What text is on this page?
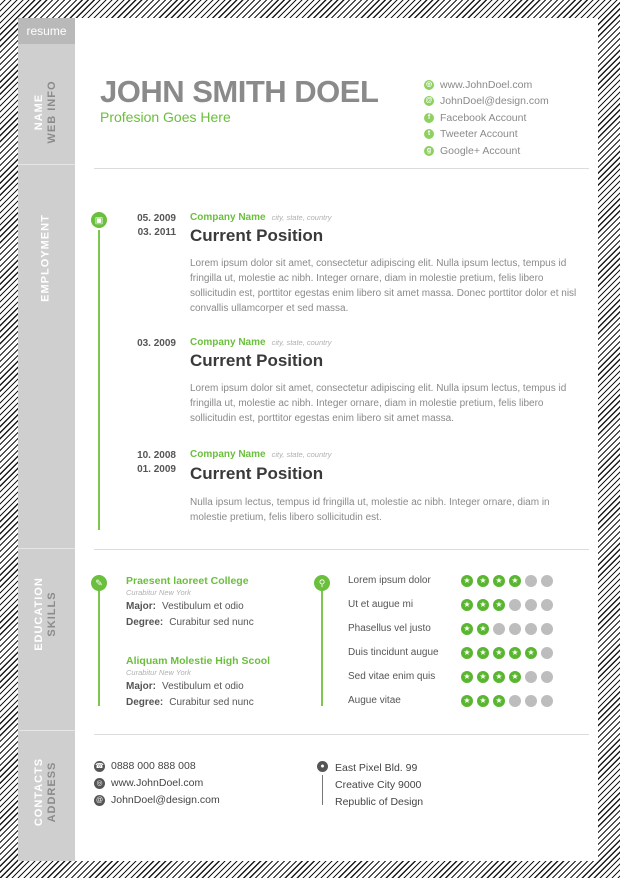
resume
NAME WEB INFO
EMPLOYMENT
EDUCATION SKILLS
CONTACTS ADDRESS
JOHN SMITH DOEL
Profesion Goes Here
◎ www.JohnDoel.com
@ JohnDoel@design.com
f Facebook Account
t Tweeter Account
g Google+ Account
▣	05. 2009
03. 2011
Company Name city, state, country
Current Position
Lorem ipsum dolor sit amet, consectetur adipiscing elit. Nulla ipsum lectus, tempus id fringilla ut, molestie ac nibh. Integer ornare, diam in molestie pretium, felis libero sollicitudin est, porttitor egestas enim libero sit amet massa. Donec porttitor dolor et nisl convallis ullamcorper et sed massa.
03. 2009 Company Name city, state, country
Current Position
Lorem ipsum dolor sit amet, consectetur adipiscing elit. Nulla ipsum lectus, tempus id fringilla ut, molestie ac nibh. Integer ornare, diam in molestie pretium, felis libero sollicitudin est, porttitor egestas enim libero sit amet massa.
10. 2008
01. 2009
Company Name city, state, country
Current Position
Nulla ipsum lectus, tempus id fringilla ut, molestie ac nibh. Integer ornare, diam in molestie pretium, felis libero sollicitudin est.
✎	Praesent laoreet College
Curabitur New York
Major: Vestibulum et odio
Degree: Curabitur sed nunc
Aliquam Molestie High Scool
Curabitur New York
Major: Vestibulum et odio
Degree: Curabitur sed nunc
⚲	Lorem ipsum dolor	★	★	★	★
Ut et augue mi	★	★	★
Phasellus vel justo	★	★
Duis tincidunt augue	★	★	★	★	★
Sed vitae enim quis	★	★	★	★
Augue vitae	★	★	★
☎ 0888 000 888 008
◎ www.JohnDoel.com
@ JohnDoel@design.com
● East Pixel Bld. 99
Creative City 9000
Republic of Design
